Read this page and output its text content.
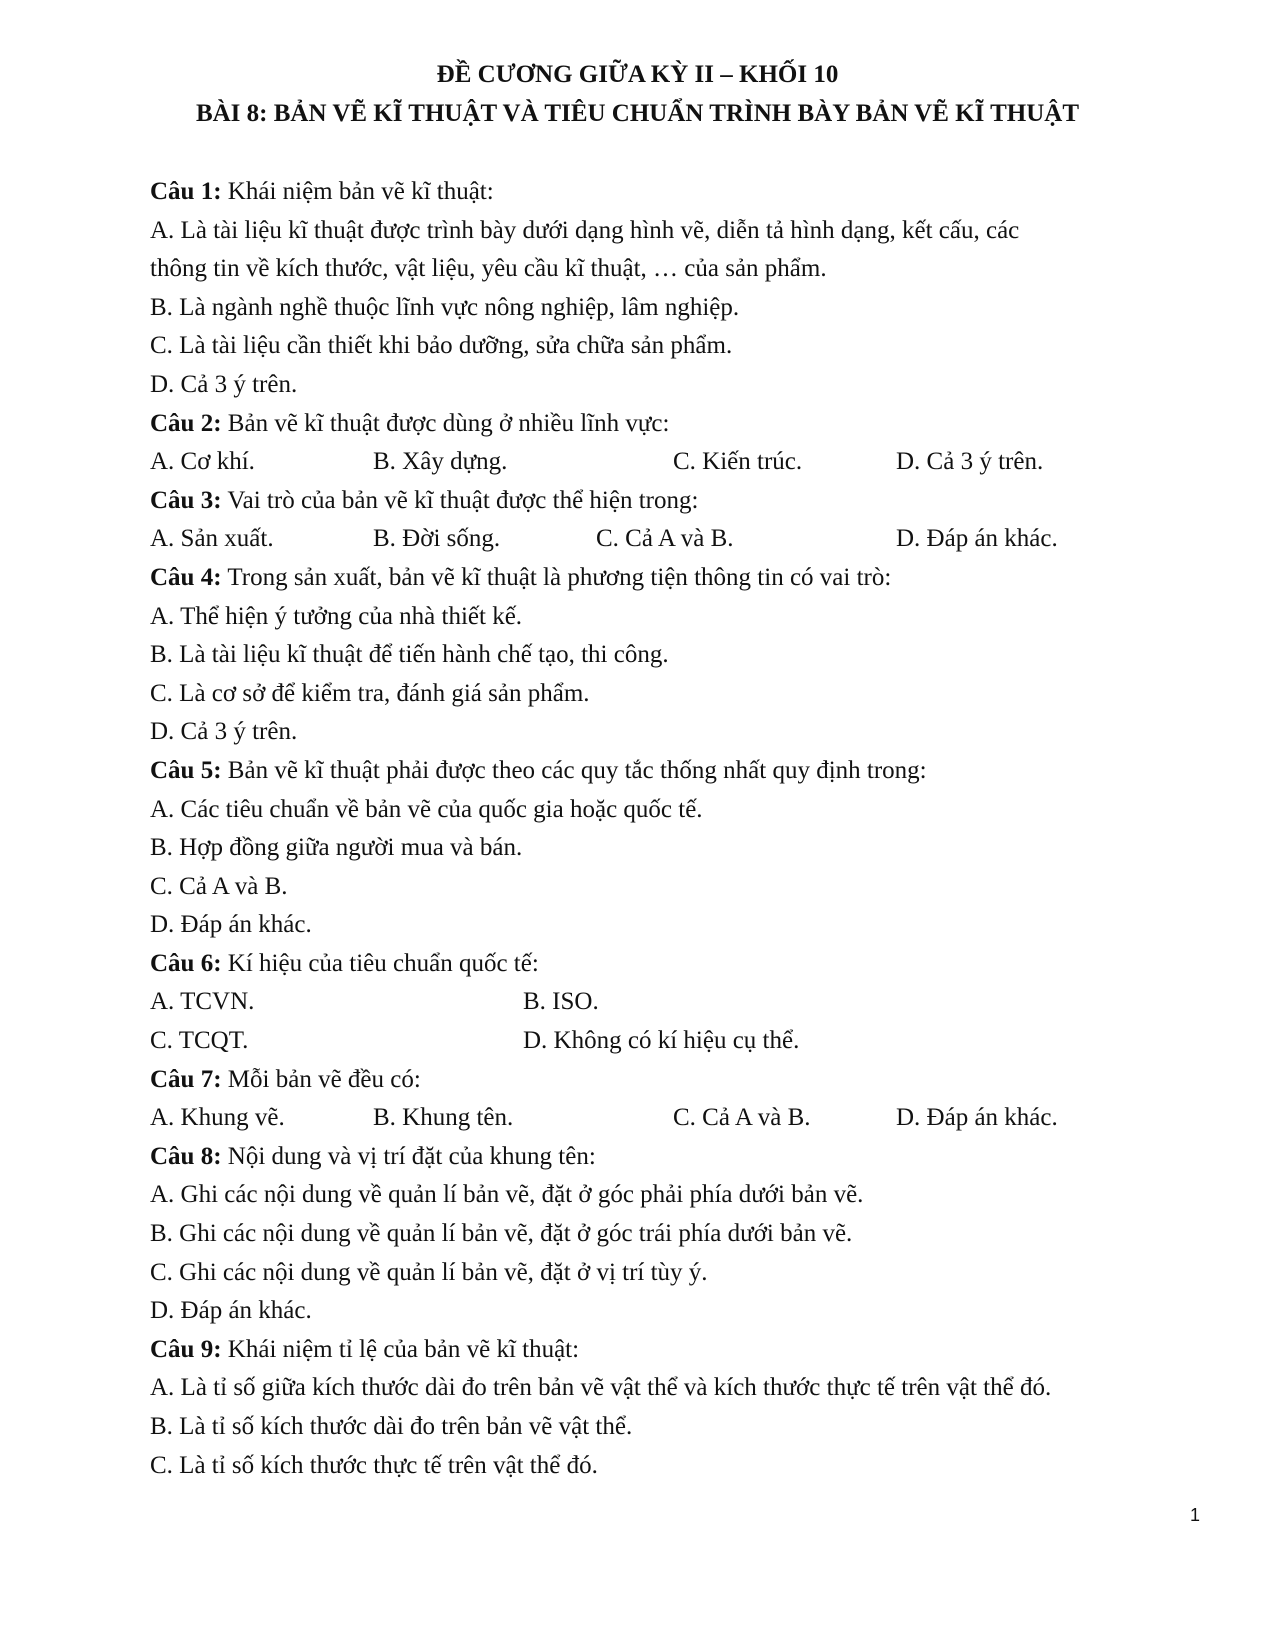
ĐỀ CƯƠNG GIỮA KỲ II – KHỐI 10
BÀI 8: BẢN VẼ KĨ THUẬT VÀ TIÊU CHUẨN TRÌNH BÀY BẢN VẼ KĨ THUẬT
Câu 1: Khái niệm bản vẽ kĩ thuật:
A. Là tài liệu kĩ thuật được trình bày dưới dạng hình vẽ, diễn tả hình dạng, kết cấu, các
thông tin về kích thước, vật liệu, yêu cầu kĩ thuật, … của sản phẩm.
B. Là ngành nghề thuộc lĩnh vực nông nghiệp, lâm nghiệp.
C. Là tài liệu cần thiết khi bảo dưỡng, sửa chữa sản phẩm.
D. Cả 3 ý trên.
Câu 2: Bản vẽ kĩ thuật được dùng ở nhiều lĩnh vực:
A. Cơ khí.	B. Xây dựng.	C. Kiến trúc.	D. Cả 3 ý trên.
Câu 3: Vai trò của bản vẽ kĩ thuật được thể hiện trong:
A. Sản xuất.	B. Đời sống.	C. Cả A và B.	D. Đáp án khác.
Câu 4: Trong sản xuất, bản vẽ kĩ thuật là phương tiện thông tin có vai trò:
A. Thể hiện ý tưởng của nhà thiết kế.
B. Là tài liệu kĩ thuật để tiến hành chế tạo, thi công.
C. Là cơ sở để kiểm tra, đánh giá sản phẩm.
D. Cả 3 ý trên.
Câu 5: Bản vẽ kĩ thuật phải được theo các quy tắc thống nhất quy định trong:
A. Các tiêu chuẩn về bản vẽ của quốc gia hoặc quốc tế.
B. Hợp đồng giữa người mua và bán.
C. Cả A và B.
D. Đáp án khác.
Câu 6: Kí hiệu của tiêu chuẩn quốc tế:
A. TCVN.	B. ISO.
C. TCQT.	D. Không có kí hiệu cụ thể.
Câu 7: Mỗi bản vẽ đều có:
A. Khung vẽ.	B. Khung tên.	C. Cả A và B.	D. Đáp án khác.
Câu 8: Nội dung và vị trí đặt của khung tên:
A. Ghi các nội dung về quản lí bản vẽ, đặt ở góc phải phía dưới bản vẽ.
B. Ghi các nội dung về quản lí bản vẽ, đặt ở góc trái phía dưới bản vẽ.
C. Ghi các nội dung về quản lí bản vẽ, đặt ở vị trí tùy ý.
D. Đáp án khác.
Câu 9: Khái niệm tỉ lệ của bản vẽ kĩ thuật:
A. Là tỉ số giữa kích thước dài đo trên bản vẽ vật thể và kích thước thực tế trên vật thể đó.
B. Là tỉ số kích thước dài đo trên bản vẽ vật thể.
C. Là tỉ số kích thước thực tế trên vật thể đó.
1
